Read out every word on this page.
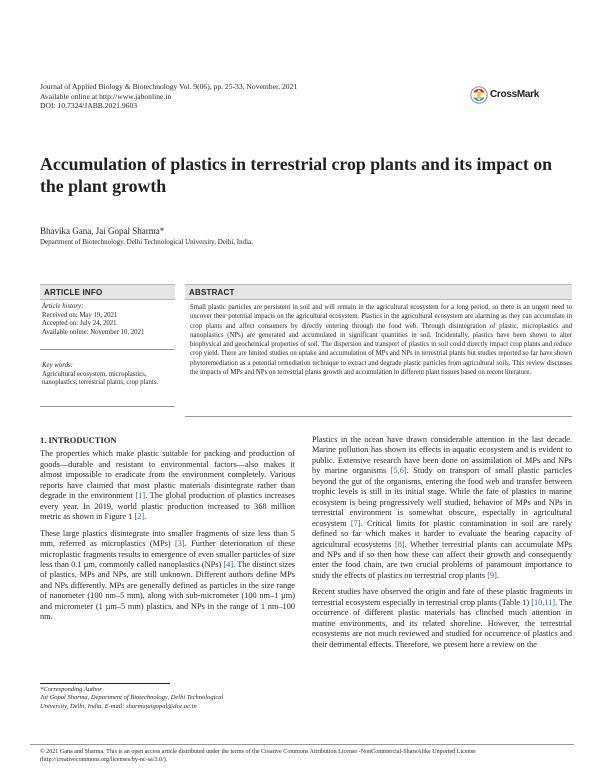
Journal of Applied Biology & Biotechnology Vol. 9(06), pp. 25-33, November, 2021
Available online at http://www.jabonline.in
DOI: 10.7324/JABB.2021.9603
CrossMark
Accumulation of plastics in terrestrial crop plants and its impact on the plant growth
Bhavika Gana, Jai Gopal Sharma*
Department of Biotechnology, Delhi Technological University, Delhi, India.
ARTICLE INFO	ABSTRACT
Article history:
Received on: May 19, 2021
Accepted on: July 24, 2021
Available online: November 10, 2021
Key words:
Agricultural ecosystem, microplastics, nanoplastics, terrestrial plants, crop plants.
Small plastic particles are persistent in soil and will remain in the agricultural ecosystem for a long period, so there is an urgent need to uncover their potential impacts on the agricultural ecosystem. Plastics in the agricultural ecosystem are alarming as they can accumulate in crop plants and affect consumers by directly entering through the food web. Through disintegration of plastic, microplastics and nanoplastics (NPs) are generated and accumulated in significant quantities in soil. Incidentally, plastics have been shown to alter biophysical and geochemical properties of soil. The dispersion and transport of plastics in soil could directly impact crop plants and reduce crop yield. There are limited studies on uptake and accumulation of MPs and NPs in terrestrial plants but studies reported so far have shown phytoremediation as a potential remediation technique to extract and degrade plastic particles from agricultural soils. This review discusses the impacts of MPs and NPs on terrestrial plants growth and accumulation in different plant tissues based on recent literature.

1. INTRODUCTION

The properties which make plastic suitable for packing and production of goods—durable and resistant to environmental factors—also makes it almost impossible to eradicate from the environment completely. Various reports have claimed that most plastic materials disintegrate rather than degrade in the environment [1]. The global production of plastics increases every year. In 2019, world plastic production increased to 368 million metric as shown in Figure 1 [2].

These large plastics disintegrate into smaller fragments of size less than 5 mm, referred as microplastics (MPs) [3]. Further deterioration of these microplastic fragments results in emergence of even smaller particles of size less than 0.1 µm, commonly called nanoplastics (NPs) [4]. The distinct sizes of plastics, MPs and NPs, are still unknown. Different authors define MPs and NPs differently. MPs are generally defined as particles in the size range of nanometer (100 nm–5 mm), along with sub-micrometer (100 nm–1 µm) and micrometer (1 µm–5 mm) plastics, and NPs in the range of 1 nm–100 nm.

Plastics in the ocean have drawn considerable attention in the last decade. Marine pollution has shown its effects in aquatic ecosystem and is evident to public. Extensive research have been done on assimilation of MPs and NPs by marine organisms [5,6]. Study on transport of small plastic particles beyond the gut of the organisms, entering the food web and transfer between trophic levels is still in its initial stage. While the fate of plastics in marine ecosystem is being progressively well studied, behavior of MPs and NPs in terrestrial environment is somewhat obscure, especially in agricultural ecosystem [7]. Critical limits for plastic contamination in soil are rarely defined so far which makes it harder to evaluate the bearing capacity of agricultural ecosystems [8]. Whether terrestrial plants can accumulate MPs and NPs and if so then how these can affect their growth and consequently enter the food chain, are two crucial problems of paramount importance to study the effects of plastics on terrestrial crop plants [9].

Recent studies have observed the origin and fate of these plastic fragments in terrestrial ecosystem especially in terrestrial crop plants (Table 1) [10,11]. The occurrence of different plastic materials has clinched much attention in marine environments, and its related shoreline. However, the terrestrial ecosystems are not much reviewed and studied for occurrence of plastics and their detrimental effects. Therefore, we present here a review on the

*Corresponding Author
Jai Gopal Sharma, Department of Biotechnology, Delhi Technological
University, Delhi, India. E-mail: sharmajaigopal@dce.ac.in
© 2021 Gana and Sharma. This is an open access article distributed under the terms of the Creative Commons Attribution License -NonCommercial-ShareAlike Unported License (http://creativecommons.org/licenses/by-nc-sa/3.0/).
